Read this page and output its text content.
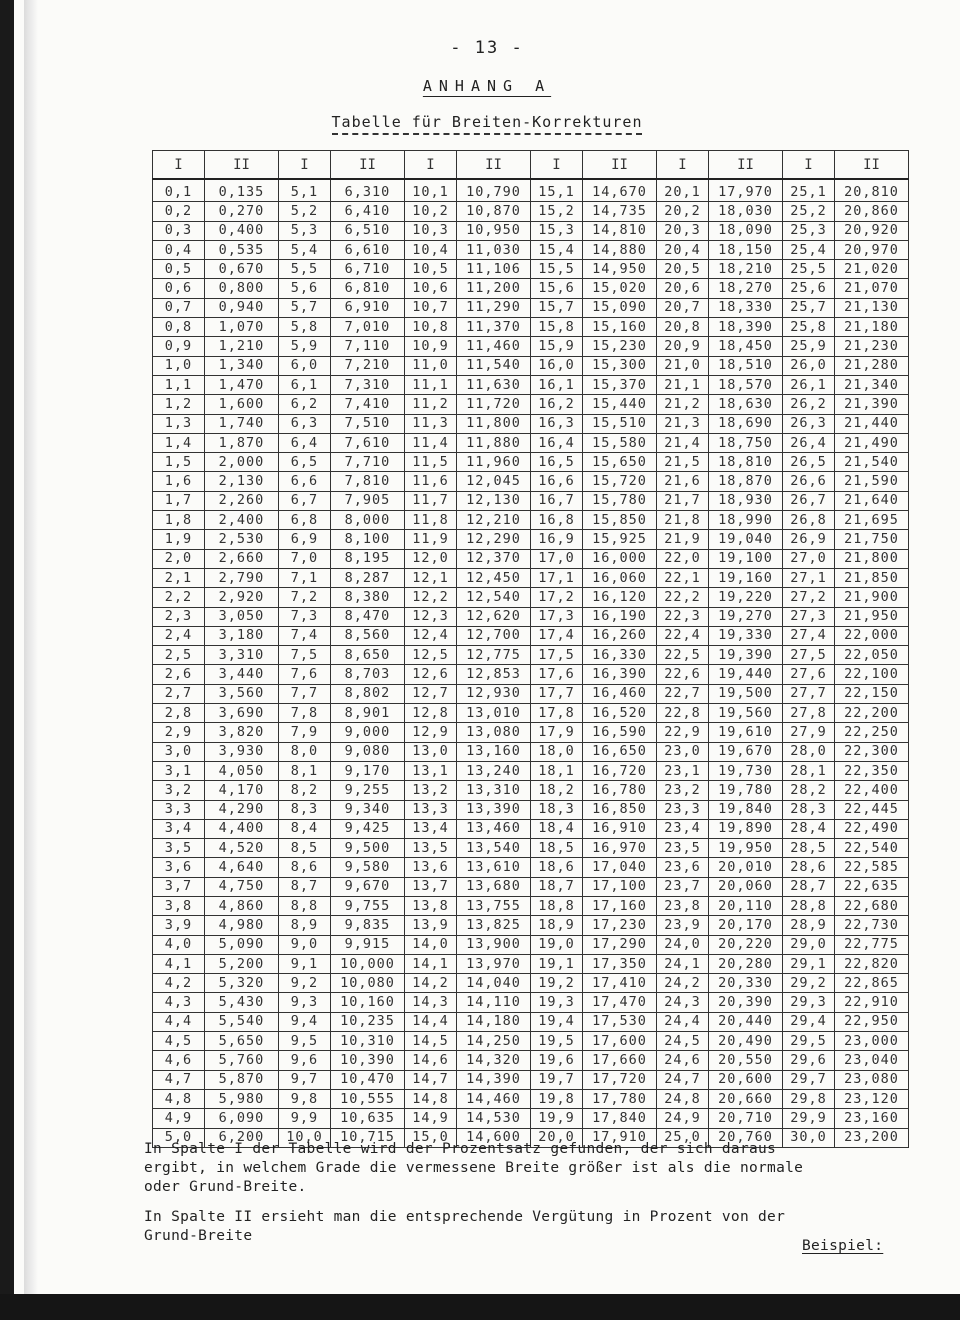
- 13 -
ANHANG A
Tabelle für Breiten-Korrekturen
I	II	I	II	I	II	I	II	I	II	I	II
0,1	0,135	5,1	6,310	10,1	10,790	15,1	14,670	20,1	17,970	25,1	20,810
0,2	0,270	5,2	6,410	10,2	10,870	15,2	14,735	20,2	18,030	25,2	20,860
0,3	0,400	5,3	6,510	10,3	10,950	15,3	14,810	20,3	18,090	25,3	20,920
0,4	0,535	5,4	6,610	10,4	11,030	15,4	14,880	20,4	18,150	25,4	20,970
0,5	0,670	5,5	6,710	10,5	11,106	15,5	14,950	20,5	18,210	25,5	21,020
0,6	0,800	5,6	6,810	10,6	11,200	15,6	15,020	20,6	18,270	25,6	21,070
0,7	0,940	5,7	6,910	10,7	11,290	15,7	15,090	20,7	18,330	25,7	21,130
0,8	1,070	5,8	7,010	10,8	11,370	15,8	15,160	20,8	18,390	25,8	21,180
0,9	1,210	5,9	7,110	10,9	11,460	15,9	15,230	20,9	18,450	25,9	21,230
1,0	1,340	6,0	7,210	11,0	11,540	16,0	15,300	21,0	18,510	26,0	21,280
1,1	1,470	6,1	7,310	11,1	11,630	16,1	15,370	21,1	18,570	26,1	21,340
1,2	1,600	6,2	7,410	11,2	11,720	16,2	15,440	21,2	18,630	26,2	21,390
1,3	1,740	6,3	7,510	11,3	11,800	16,3	15,510	21,3	18,690	26,3	21,440
1,4	1,870	6,4	7,610	11,4	11,880	16,4	15,580	21,4	18,750	26,4	21,490
1,5	2,000	6,5	7,710	11,5	11,960	16,5	15,650	21,5	18,810	26,5	21,540
1,6	2,130	6,6	7,810	11,6	12,045	16,6	15,720	21,6	18,870	26,6	21,590
1,7	2,260	6,7	7,905	11,7	12,130	16,7	15,780	21,7	18,930	26,7	21,640
1,8	2,400	6,8	8,000	11,8	12,210	16,8	15,850	21,8	18,990	26,8	21,695
1,9	2,530	6,9	8,100	11,9	12,290	16,9	15,925	21,9	19,040	26,9	21,750
2,0	2,660	7,0	8,195	12,0	12,370	17,0	16,000	22,0	19,100	27,0	21,800
2,1	2,790	7,1	8,287	12,1	12,450	17,1	16,060	22,1	19,160	27,1	21,850
2,2	2,920	7,2	8,380	12,2	12,540	17,2	16,120	22,2	19,220	27,2	21,900
2,3	3,050	7,3	8,470	12,3	12,620	17,3	16,190	22,3	19,270	27,3	21,950
2,4	3,180	7,4	8,560	12,4	12,700	17,4	16,260	22,4	19,330	27,4	22,000
2,5	3,310	7,5	8,650	12,5	12,775	17,5	16,330	22,5	19,390	27,5	22,050
2,6	3,440	7,6	8,703	12,6	12,853	17,6	16,390	22,6	19,440	27,6	22,100
2,7	3,560	7,7	8,802	12,7	12,930	17,7	16,460	22,7	19,500	27,7	22,150
2,8	3,690	7,8	8,901	12,8	13,010	17,8	16,520	22,8	19,560	27,8	22,200
2,9	3,820	7,9	9,000	12,9	13,080	17,9	16,590	22,9	19,610	27,9	22,250
3,0	3,930	8,0	9,080	13,0	13,160	18,0	16,650	23,0	19,670	28,0	22,300
3,1	4,050	8,1	9,170	13,1	13,240	18,1	16,720	23,1	19,730	28,1	22,350
3,2	4,170	8,2	9,255	13,2	13,310	18,2	16,780	23,2	19,780	28,2	22,400
3,3	4,290	8,3	9,340	13,3	13,390	18,3	16,850	23,3	19,840	28,3	22,445
3,4	4,400	8,4	9,425	13,4	13,460	18,4	16,910	23,4	19,890	28,4	22,490
3,5	4,520	8,5	9,500	13,5	13,540	18,5	16,970	23,5	19,950	28,5	22,540
3,6	4,640	8,6	9,580	13,6	13,610	18,6	17,040	23,6	20,010	28,6	22,585
3,7	4,750	8,7	9,670	13,7	13,680	18,7	17,100	23,7	20,060	28,7	22,635
3,8	4,860	8,8	9,755	13,8	13,755	18,8	17,160	23,8	20,110	28,8	22,680
3,9	4,980	8,9	9,835	13,9	13,825	18,9	17,230	23,9	20,170	28,9	22,730
4,0	5,090	9,0	9,915	14,0	13,900	19,0	17,290	24,0	20,220	29,0	22,775
4,1	5,200	9,1	10,000	14,1	13,970	19,1	17,350	24,1	20,280	29,1	22,820
4,2	5,320	9,2	10,080	14,2	14,040	19,2	17,410	24,2	20,330	29,2	22,865
4,3	5,430	9,3	10,160	14,3	14,110	19,3	17,470	24,3	20,390	29,3	22,910
4,4	5,540	9,4	10,235	14,4	14,180	19,4	17,530	24,4	20,440	29,4	22,950
4,5	5,650	9,5	10,310	14,5	14,250	19,5	17,600	24,5	20,490	29,5	23,000
4,6	5,760	9,6	10,390	14,6	14,320	19,6	17,660	24,6	20,550	29,6	23,040
4,7	5,870	9,7	10,470	14,7	14,390	19,7	17,720	24,7	20,600	29,7	23,080
4,8	5,980	9,8	10,555	14,8	14,460	19,8	17,780	24,8	20,660	29,8	23,120
4,9	6,090	9,9	10,635	14,9	14,530	19,9	17,840	24,9	20,710	29,9	23,160
5,0	6,200	10,0	10,715	15,0	14,600	20,0	17,910	25,0	20,760	30,0	23,200
In Spalte I der Tabelle wird der Prozentsatz gefunden, der sich daraus
ergibt, in welchem Grade die vermessene Breite größer ist als die normale
oder Grund-Breite.
In Spalte II ersieht man die entsprechende Vergütung in Prozent von der
Grund-Breite
Beispiel:
